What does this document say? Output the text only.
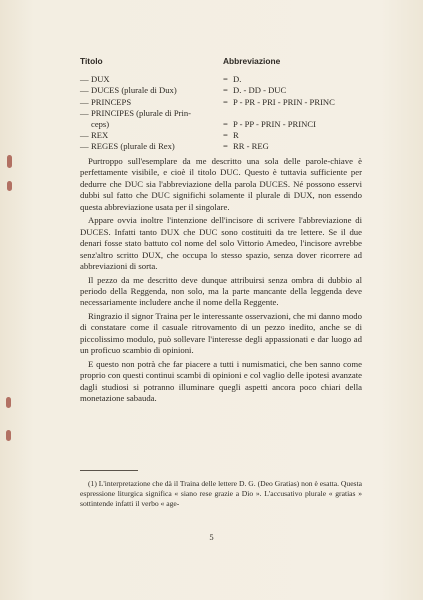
Titolo	Abbreviazione
— DUX	= D.
— DUCES (plurale di Dux)	= D. - DD - DUC
— PRINCEPS	= P - PR - PRI - PRIN - PRINC
— PRINCIPES (plurale di Prin-
ceps)	= P - PP - PRIN - PRINCI
— REX	= R
— REGES (plurale di Rex)	= RR - REG

Purtroppo sull'esemplare da me descritto una sola delle parole-chiave è perfettamente visibile, e cioè il titolo DUC. Questo è tuttavia sufficiente per dedurre che DUC sia l'abbreviazione della parola DUCES. Né possono esservi dubbi sul fatto che DUC significhi solamente il plurale di DUX, non essendo questa abbreviazione usata per il singolare.

Appare ovvia inoltre l'intenzione dell'incisore di scrivere l'abbreviazione di DUCES. Infatti tanto DUX che DUC sono costituiti da tre lettere. Se il due denari fosse stato battuto col nome del solo Vittorio Amedeo, l'incisore avrebbe senz'altro scritto DUX, che occupa lo stesso spazio, senza dover ricorrere ad abbreviazioni di sorta.

Il pezzo da me descritto deve dunque attribuirsi senza ombra di dubbio al periodo della Reggenda, non solo, ma la parte mancante della leggenda deve necessariamente includere anche il nome della Reggente.

Ringrazio il signor Traina per le interessante osservazioni, che mi danno modo di constatare come il casuale ritrovamento di un pezzo inedito, anche se di piccolissimo modulo, può sollevare l'interesse degli appassionati e dar luogo ad un proficuo scambio di opinioni.

E questo non potrà che far piacere a tutti i numismatici, che ben sanno come proprio con questi continui scambi di opinioni e col vaglio delle ipotesi avanzate dagli studiosi si potranno illuminare quegli aspetti ancora poco chiari della monetazione sabauda.

(1) L'interpretazione che dà il Traina delle lettere D. G. (Deo Gratias) non è esatta. Questa espressione liturgica significa « siano rese grazie a Dio ». L'accusativo plurale « gratias » sottintende infatti il verbo « age-

5
